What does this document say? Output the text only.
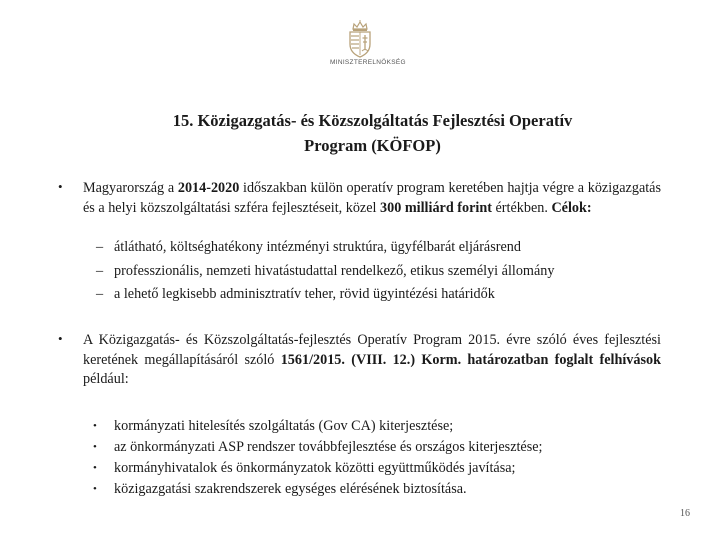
MINISZTERELNÖKSÉG
15. Közigazgatás- és Közszolgáltatás Fejlesztési Operatív
Program (KÖFOP)
• Magyarország a 2014-2020 időszakban külön operatív program keretében hajtja végre a közigazgatás és a helyi közszolgáltatási szféra fejlesztéseit, közel 300 milliárd forint értékben. Célok:

– átlátható, költséghatékony intézményi struktúra, ügyfélbarát eljárásrend
– professzionális, nemzeti hivatástudattal rendelkező, etikus személyi állomány
– a lehető legkisebb adminisztratív teher, rövid ügyintézési határidők
• A Közigazgatás- és Közszolgáltatás-fejlesztés Operatív Program 2015. évre szóló éves fejlesztési keretének megállapításáról szóló 1561/2015. (VIII. 12.) Korm. határozatban foglalt felhívások például:

• kormányzati hitelesítés szolgáltatás (Gov CA) kiterjesztése;
• az önkormányzati ASP rendszer továbbfejlesztése és országos kiterjesztése;
• kormányhivatalok és önkormányzatok közötti együttműködés javítása;
• közigazgatási szakrendszerek egységes elérésének biztosítása.
16
